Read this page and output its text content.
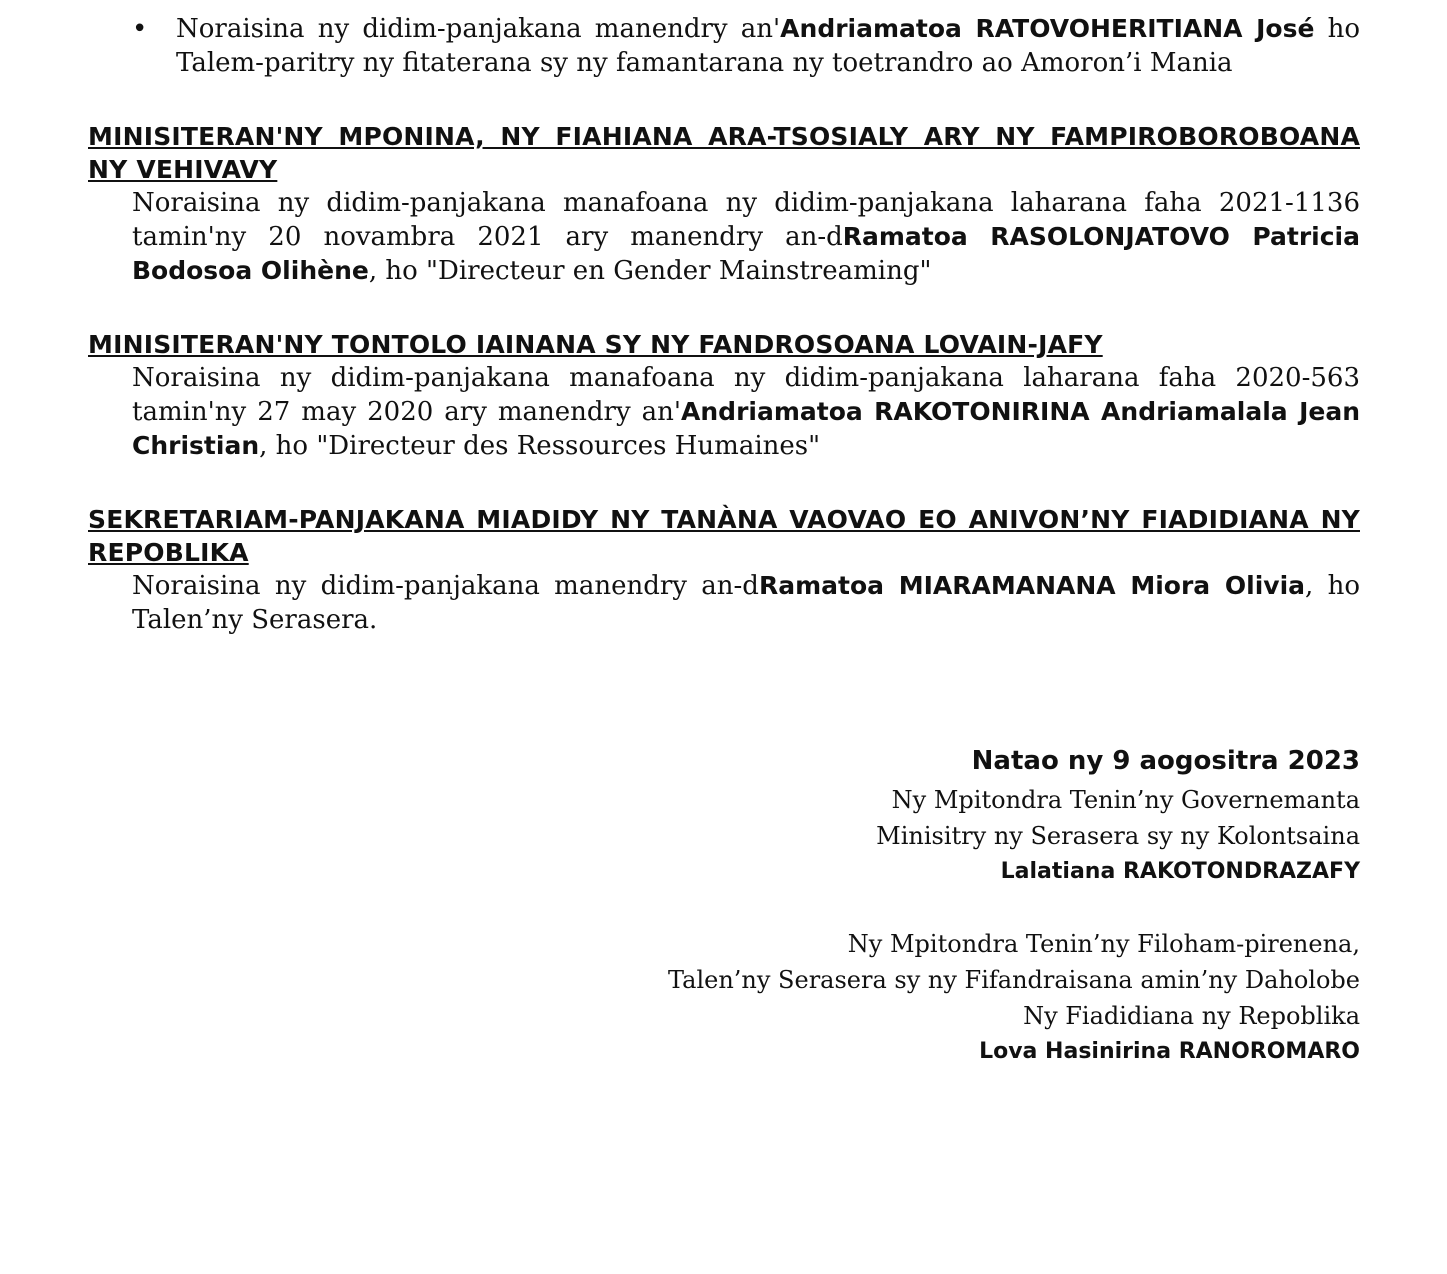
• Noraisina ny didim-panjakana manendry an'Andriamatoa RATOVOHERITIANA José ho Talem-paritry ny fitaterana sy ny famantarana ny toetrandro ao Amoron’i Mania
MINISITERAN'NY MPONINA, NY FIAHIANA ARA-TSOSIALY ARY NY FAMPIROBOROBOANA NY VEHIVAVY
Noraisina ny didim-panjakana manafoana ny didim-panjakana laharana faha 2021-1136 tamin'ny 20 novambra 2021 ary manendry an-dRamatoa RASOLONJATOVO Patricia Bodosoa Olihène, ho "Directeur en Gender Mainstreaming"
MINISITERAN'NY TONTOLO IAINANA SY NY FANDROSOANA LOVAIN-JAFY
Noraisina ny didim-panjakana manafoana ny didim-panjakana laharana faha 2020-563 tamin'ny 27 may 2020 ary manendry an'Andriamatoa RAKOTONIRINA Andriamalala Jean Christian, ho "Directeur des Ressources Humaines"
SEKRETARIAM-PANJAKANA MIADIDY NY TANÀNA VAOVAO EO ANIVON’NY FIADIDIANA NY REPOBLIKA
Noraisina ny didim-panjakana manendry an-dRamatoa MIARAMANANA Miora Olivia, ho Talen’ny Serasera.
Natao ny 9 aogositra 2023
Ny Mpitondra Tenin’ny Governemanta
Minisitry ny Serasera sy ny Kolontsaina
Lalatiana RAKOTONDRAZAFY
Ny Mpitondra Tenin’ny Filoham-pirenena,
Talen’ny Serasera sy ny Fifandraisana amin’ny Daholobe
Ny Fiadidiana ny Repoblika
Lova Hasinirina RANOROMARO
